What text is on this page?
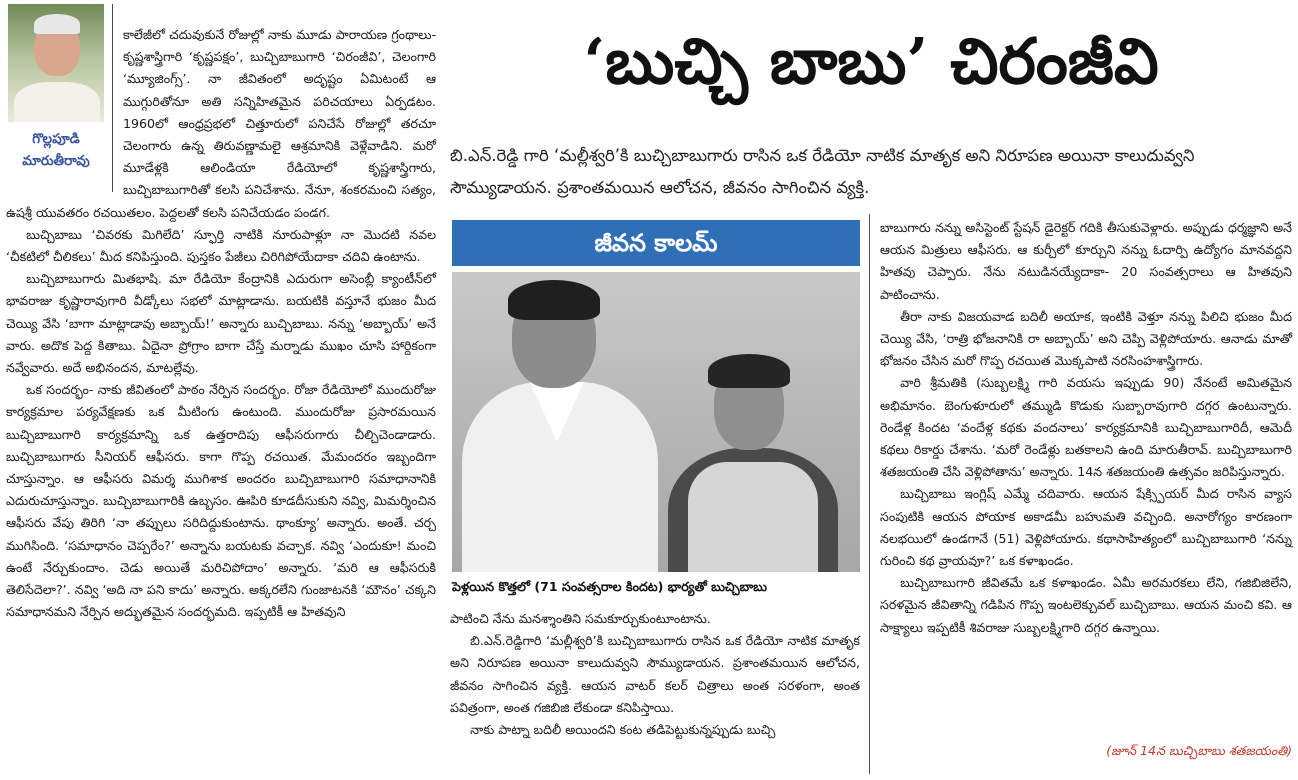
‘బుచ్చి బాబు’ చిరంజీవి
బి.ఎన్.రెడ్డి గారి ‘మల్లీశ్వరి’కి బుచ్చిబాబుగారు రాసిన ఒక రేడియో నాటిక మాతృక అని నిరూపణ అయినా కాలుదువ్వని సౌమ్యుడాయన. ప్రశాంతమయిన ఆలోచన, జీవనం సాగించిన వ్యక్తి.
జీవన కాలమ్
పెళ్లయిన కొత్తలో (71 సంవత్సరాల కిందట) భార్యతో బుచ్చిబాబు
గొల్లపూడి
మారుతీరావు

కాలేజీలో చదువుకునే రోజుల్లో నాకు మూడు పారాయణ గ్రంథాలు- కృష్ణశాస్త్రిగారి ‘కృష్ణపక్షం’, బుచ్చిబాబుగారి ‘చిరంజీవి’, చెలంగారి ‘మ్యూజింగ్స్’. నా జీవితంలో అదృష్టం ఏమిటంటే ఆ ముగ్గురితోనూ అతి సన్నిహితమైన పరిచయాలు ఏర్పడటం. 1960లో ఆంధ్రప్రభలో చిత్తూరులో పనిచేసే రోజుల్లో తరచూ చెలంగారు ఉన్న తిరువణ్ణామలై ఆశ్రమానికి వెళ్లేవాడిని. మరో మూడేళ్లకి ఆలిండియా రేడియోలో కృష్ణశాస్త్రిగారు, బుచ్చిబాబుగారితో కలసి పనిచేశాను. నేనూ, శంకరమంచి సత్యం, ఉషశ్రీ యువతరం రచయితలం. పెద్దలతో కలసి పనిచేయడం పండగ.

బుచ్చిబాబు ‘చివరకు మిగిలేది’ స్ఫూర్తి నాటికి నూరుపాళ్లూ నా మొదటి నవల ‘చీకటిలో చీలికలు’ మీద కనిపిస్తుంది. పుస్తకం పేజీలు చిరిగిపోయేదాకా చదివి ఉంటాను.

బుచ్చిబాబుగారు మితభాషి. మా రేడియో కేంద్రానికి ఎదురుగా అసెంబ్లీ క్యాంటీన్‌లో భావరాజు కృష్ణారావుగారి వీడ్కోలు సభలో మాట్లాడాను. బయటికి వస్తూనే భుజం మీద చెయ్యి వేసి ‘బాగా మాట్లాడావు అబ్బాయ్!’ అన్నారు బుచ్చిబాబు. నన్ను ‘అబ్బాయ్’ అనే వారు. అదొక పెద్ద కితాబు. ఏదైనా ప్రోగ్రాం బాగా చేస్తే మర్నాడు ముఖం చూసి హార్దికంగా నవ్వేవారు. అదే అభినందన, మాటల్లేవు.

ఒక సందర్భం- నాకు జీవితంలో పాఠం నేర్పిన సందర్భం. రోజా రేడియోలో ముందురోజు కార్యక్రమాల పర్యవేక్షణకు ఒక మీటింగు ఉంటుంది. ముందురోజు ప్రసారమయిన బుచ్చిబాబుగారి కార్యక్రమాన్ని ఒక ఉత్తరాదిపు ఆఫీసరుగారు చీల్చిచెండాడారు. బుచ్చిబాబుగారు సీనియర్ ఆఫీసరు. కాగా గొప్ప రచయిత. మేమందరం ఇబ్బందిగా చూస్తున్నాం. ఆ ఆఫీసరు విమర్శ ముగిశాక అందరం బుచ్చిబాబుగారి సమాధానానికి ఎదురుచూస్తున్నాం. బుచ్చిబాబుగారికి ఉబ్బసం. ఊపిరి కూడదీసుకుని నవ్వి, మిమర్శించిన ఆఫీసరు వేపు తిరిగి ‘నా తప్పులు సరిదిద్దుకుంటాను. థాంక్యూ’ అన్నారు. అంతే. చర్చ ముగిసింది. ‘సమాధానం చెప్పరేం?’ అన్నాను బయటకు వచ్చాక. నవ్వి ‘ఎందుకూ! మంచి ఉంటే నేర్చుకుందాం. చెడు అయితే మరిచిపోదాం’ అన్నారు. ‘మరి ఆ ఆఫీసరుకి తెలిసేదెలా?’. నవ్వి ‘అది నా పని కాదు’ అన్నారు. అక్కరలేని గుంజాటనకి ‘మౌనం’ చక్కని సమాధానమని నేర్పిన అద్భుతమైన సందర్భమది. ఇప్పటికీ ఆ హితవుని	పాటించి నేను మనశ్శాంతిని సమకూర్చుకుంటూంటాను.

బి.ఎన్.రెడ్డిగారి ‘మల్లీశ్వరి’కి బుచ్చిబాబుగారు రాసిన ఒక రేడియో నాటిక మాతృక అని నిరూపణ అయినా కాలుదువ్వని సౌమ్యుడాయన. ప్రశాంతమయిన ఆలోచన, జీవనం సాగించిన వ్యక్తి. ఆయన వాటర్ కలర్ చిత్రాలు అంత సరళంగా, అంత పవిత్రంగా, అంత గజిబిజి లేకుండా కనిపిస్తాయి.

నాకు పాట్నా బదిలీ అయిందని కంట తడిపెట్టుకున్నప్పుడు బుచ్చి

బాబుగారు నన్ను అసిస్టెంట్ స్టేషన్ డైరెక్టర్ గదికి తీసుకువెళ్లారు. అప్పుడు ధర్మజ్ఞాని అనే ఆయన మిత్రులు ఆఫీసరు. ఆ కుర్చీలో కూర్చుని నన్ను ఓదార్పి ఉద్యోగం మానవద్దని హితవు చెప్పారు. నేను నటుడినయ్యేదాకా- 20 సంవత్సరాలు ఆ హితవుని పాటించాను.

తీరా నాకు విజయవాడ బదిలీ అయాక, ఇంటికి వెళ్తూ నన్ను పిలిచి భుజం మీద చెయ్యి వేసి, ‘రాత్రి భోజనానికి రా అబ్బాయ్’ అని చెప్పి వెళ్లిపోయారు. ఆనాడు మాతో భోజనం చేసిన మరో గొప్ప రచయిత మొక్కపాటి నరసింహశాస్త్రిగారు.

వారి శ్రీమతికి (సుబ్బలక్ష్మి గారి వయసు ఇప్పుడు 90) నేనంటే అమితమైన అభిమానం. బెంగుళూరులో తమ్ముడి కొడుకు సుబ్బారావుగారి దగ్గర ఉంటున్నారు. రెండేళ్ల కిందట ‘వందేళ్ల కథకు వందనాలు’ కార్యక్రమానికి బుచ్చిబాబుగారిదీ, ఆమెదీ కథలు రికార్డు చేశాను. ‘మరో రెండేళ్లు బతకాలని ఉంది మారుతీరావ్. బుచ్చిబాబుగారి శతజయంతి చేసి వెళ్లిపోతాను’ అన్నారు. 14న శతజయంతి ఉత్సవం జరిపిస్తున్నారు.

బుచ్చిబాబు ఇంగ్లిష్ ఎమ్మే చదివారు. ఆయన షేక్స్పియర్ మీద రాసిన వ్యాస సంపుటికి ఆయన పోయాక అకాడమీ బహుమతి వచ్చింది. అనారోగ్యం కారణంగా నలభయిలో ఉండగానే (51) వెళ్లిపోయారు. కథాసాహిత్యంలో బుచ్చిబాబుగారి ‘నన్ను గురించి కథ వ్రాయవూ?’ ఒక కళాఖండం.

బుచ్చిబాబుగారి జీవితమే ఒక కళాఖండం. ఏమీ అరమరకలు లేని, గజిబిజిలేని, సరళమైన జీవితాన్ని గడిపిన గొప్ప ఇంటలెక్చువల్ బుచ్చిబాబు. ఆయన మంచి కవి. ఆ సాక్ష్యాలు ఇప్పటికీ శివరాజు సుబ్బలక్ష్మిగారి దగ్గర ఉన్నాయి.

(జూన్ 14న బుచ్చిబాబు శతజయంతి)
